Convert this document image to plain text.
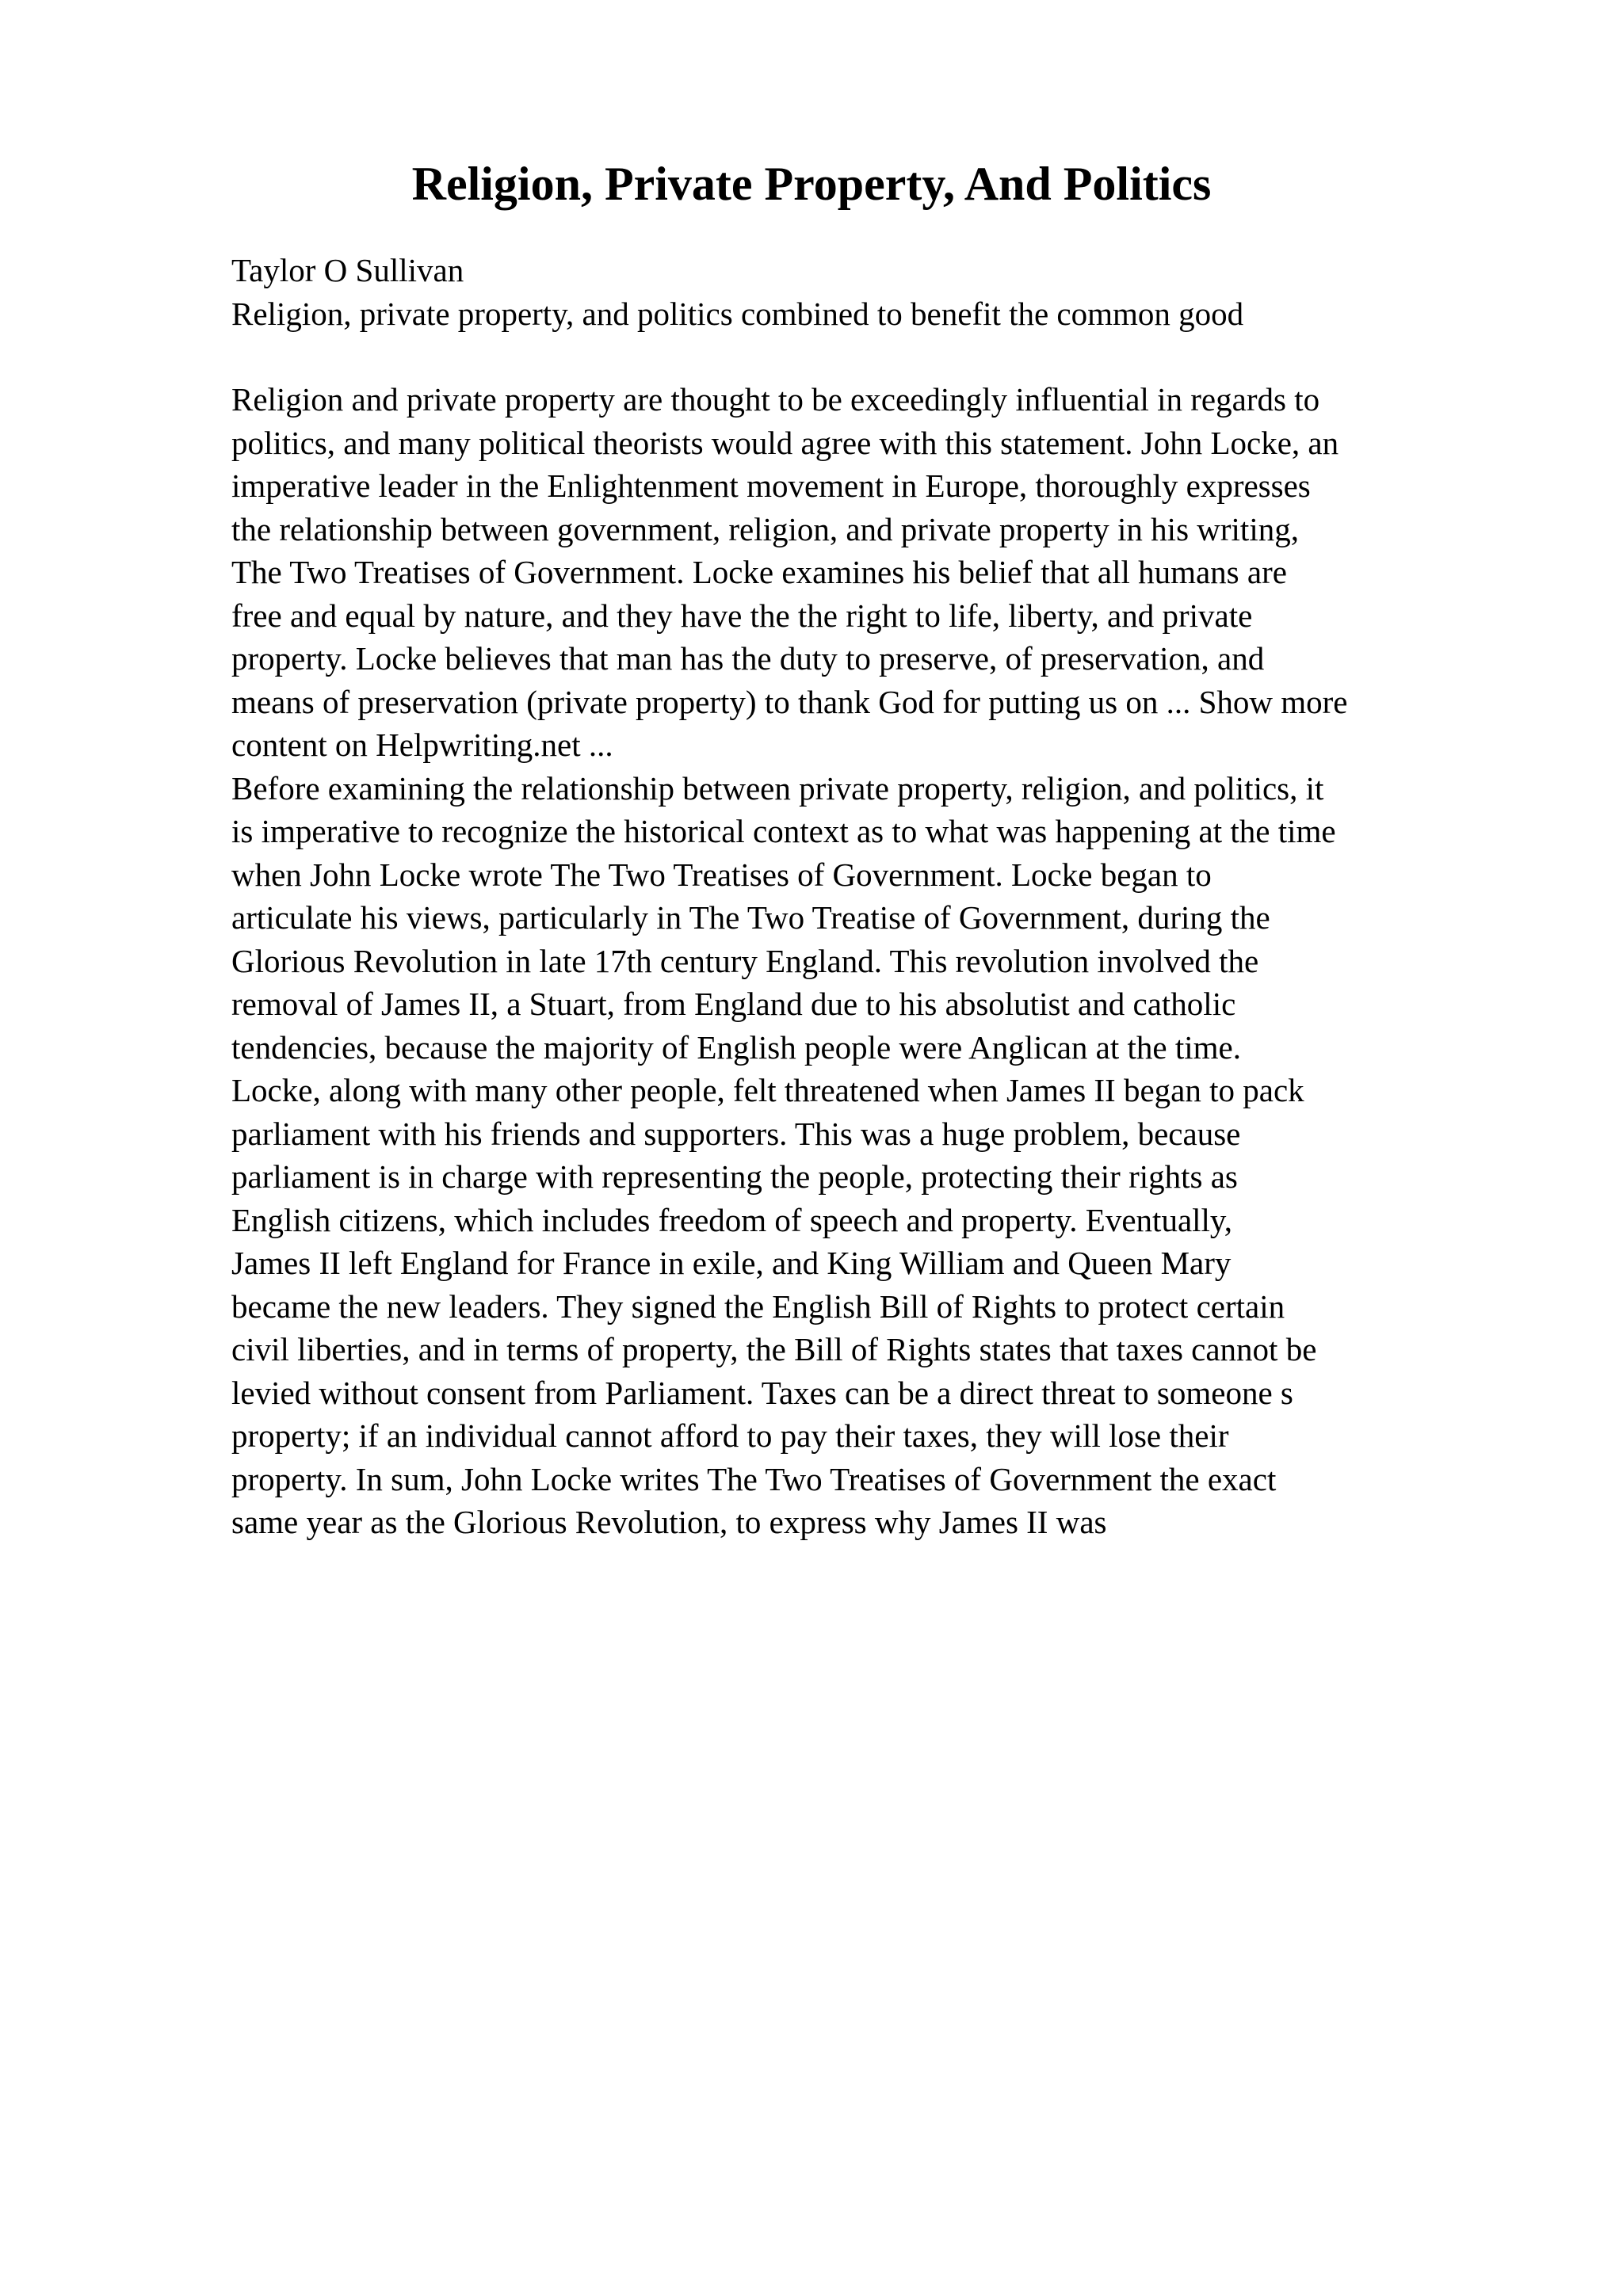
Religion, Private Property, And Politics
Taylor O Sullivan
Religion, private property, and politics combined to benefit the common good
Religion and private property are thought to be exceedingly influential in regards to
politics, and many political theorists would agree with this statement. John Locke, an
imperative leader in the Enlightenment movement in Europe, thoroughly expresses
the relationship between government, religion, and private property in his writing,
The Two Treatises of Government. Locke examines his belief that all humans are
free and equal by nature, and they have the the right to life, liberty, and private
property. Locke believes that man has the duty to preserve, of preservation, and
means of preservation (private property) to thank God for putting us on ... Show more
content on Helpwriting.net ...
Before examining the relationship between private property, religion, and politics, it
is imperative to recognize the historical context as to what was happening at the time
when John Locke wrote The Two Treatises of Government. Locke began to
articulate his views, particularly in The Two Treatise of Government, during the
Glorious Revolution in late 17th century England. This revolution involved the
removal of James II, a Stuart, from England due to his absolutist and catholic
tendencies, because the majority of English people were Anglican at the time.
Locke, along with many other people, felt threatened when James II began to pack
parliament with his friends and supporters. This was a huge problem, because
parliament is in charge with representing the people, protecting their rights as
English citizens, which includes freedom of speech and property. Eventually,
James II left England for France in exile, and King William and Queen Mary
became the new leaders. They signed the English Bill of Rights to protect certain
civil liberties, and in terms of property, the Bill of Rights states that taxes cannot be
levied without consent from Parliament. Taxes can be a direct threat to someone s
property; if an individual cannot afford to pay their taxes, they will lose their
property. In sum, John Locke writes The Two Treatises of Government the exact
same year as the Glorious Revolution, to express why James II was
